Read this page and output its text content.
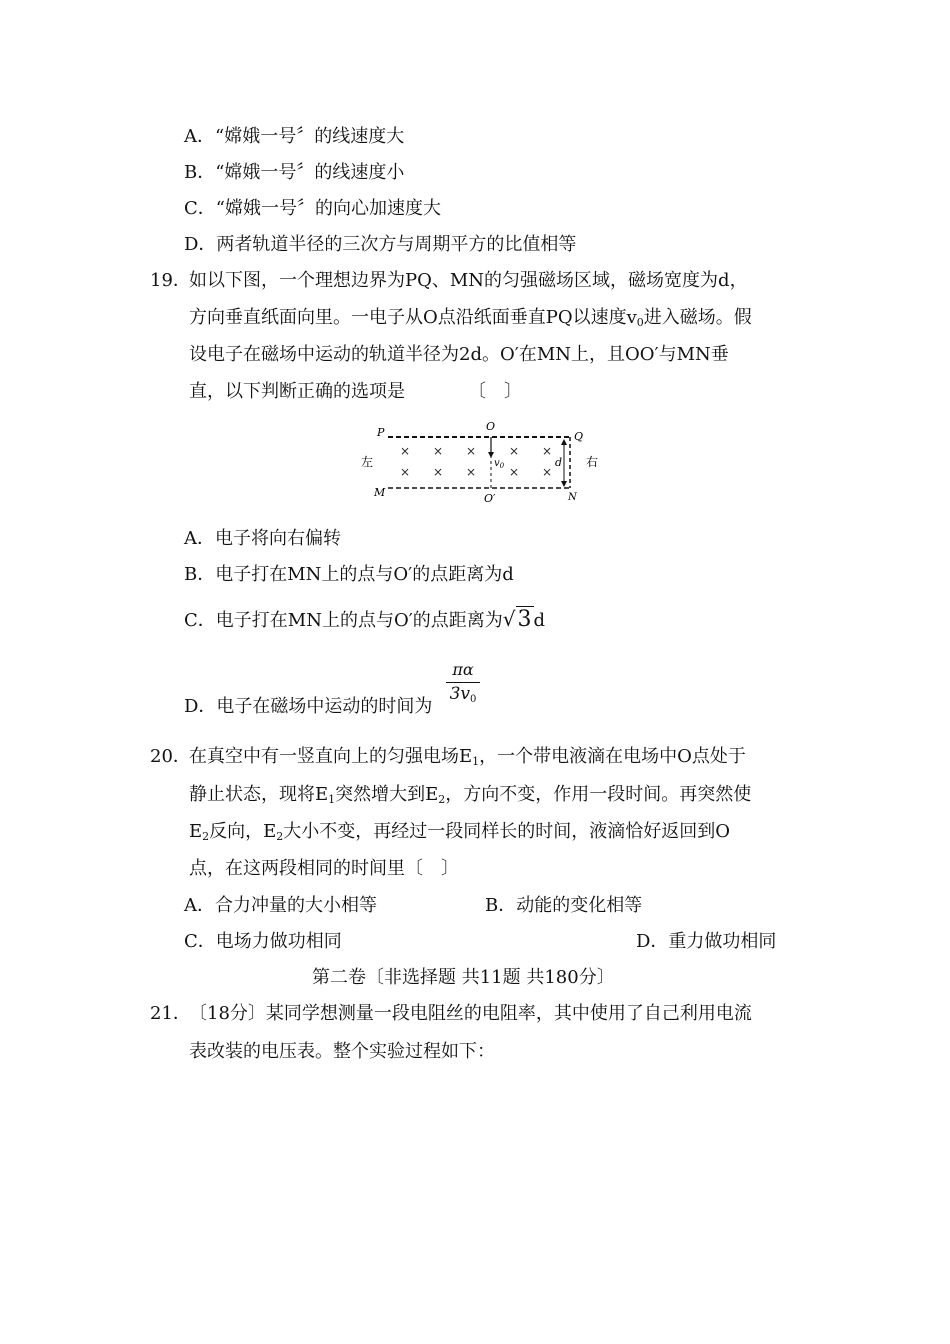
A．“嫦娥一号〞的线速度大
B．“嫦娥一号〞的线速度小
C．“嫦娥一号〞的向心加速度大
D．两者轨道半径的三次方与周期平方的比值相等
19．
如以下图，一个理想边界为PQ、MN的匀强磁场区域，磁场宽度为d，
方向垂直纸面向里。一电子从O点沿纸面垂直PQ以速度$v_0$进入磁场。假
设电子在磁场中运动的轨道半径为2d。O′在MN上，且OO′与MN垂
直，以下判断正确的选项是　　　　〔　〕
P	Q
M	N
O
O′
左	右
d
$v_0$
× × ×	× ×
× × ×	× ×
A．电子将向右偏转
B．电子打在MN上的点与O′的点距离为d
C．电子打在MN上的点与O′的点距离为√3 d
$\frac{\pi\alpha}{3v_0}$
D．电子在磁场中运动的时间为
20．
在真空中有一竖直向上的匀强电场$E_1$，一个带电液滴在电场中O点处于
静止状态，现将$E_1$突然增大到$E_2$，方向不变，作用一段时间。再突然使
$E_2$反向，$E_2$大小不变，再经过一段同样长的时间，液滴恰好返回到O
点，在这两段相同的时间里〔　〕
A．合力冲量的大小相等	B．动能的变化相等
C．电场力做功相同	D．重力做功相同
第二卷〔非选择题 共11题 共180分〕
21．
〔18分〕某同学想测量一段电阻丝的电阻率，其中使用了自己利用电流
表改装的电压表。整个实验过程如下：
